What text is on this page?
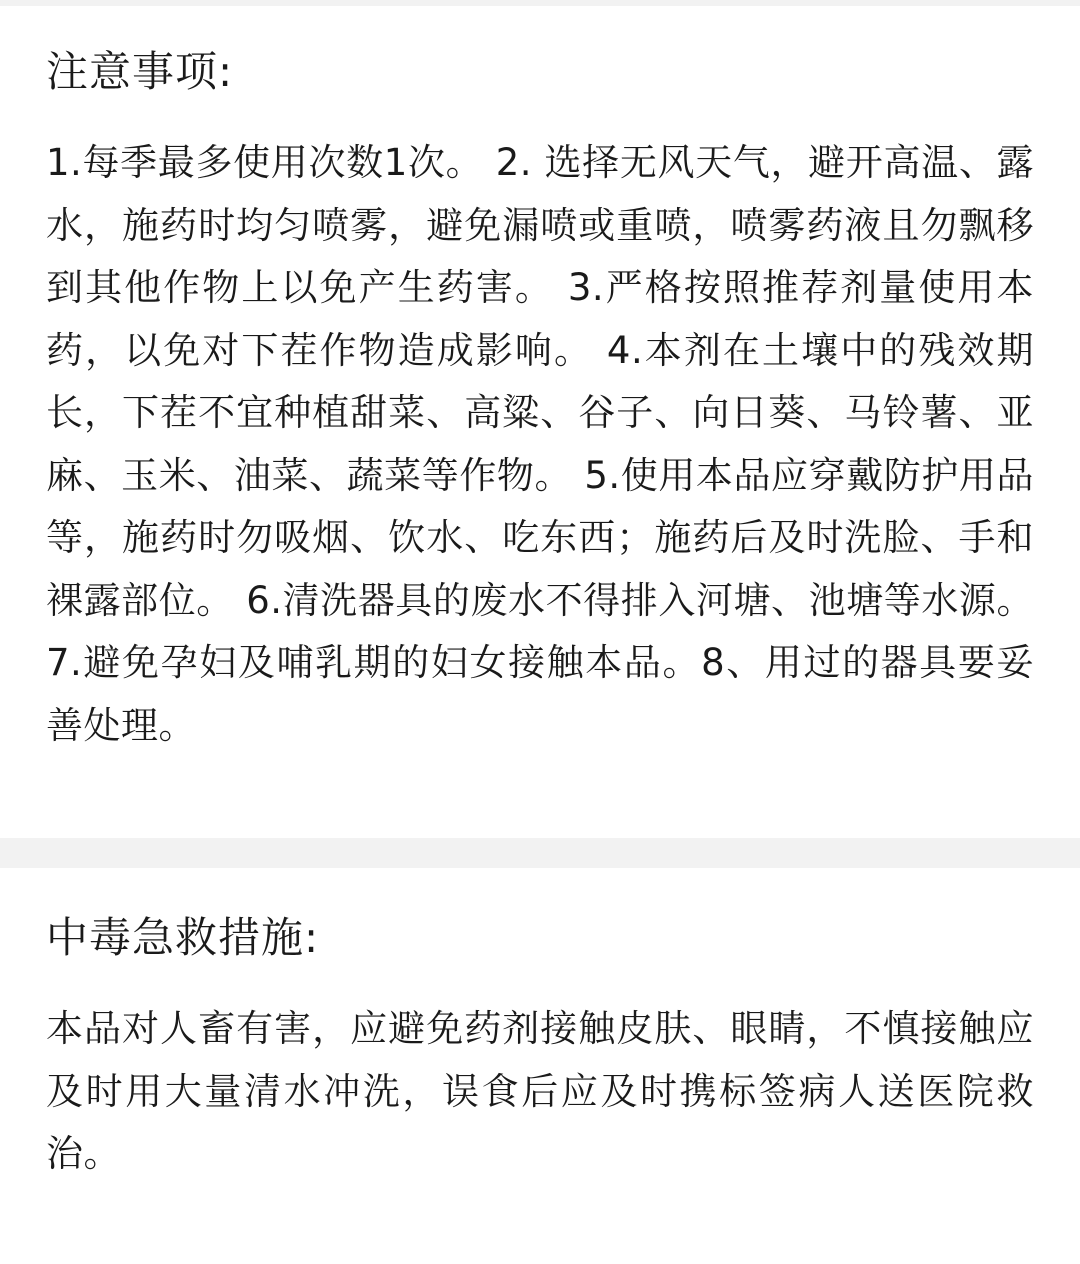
注意事项:

1.每季最多使用次数1次。 2. 选择无风天气，避开高温、露水，施药时均匀喷雾，避免漏喷或重喷，喷雾药液且勿飘移到其他作物上以免产生药害。 3.严格按照推荐剂量使用本药，以免对下茬作物造成影响。 4.本剂在土壤中的残效期长，下茬不宜种植甜菜、高粱、谷子、向日葵、马铃薯、亚麻、玉米、油菜、蔬菜等作物。 5.使用本品应穿戴防护用品等，施药时勿吸烟、饮水、吃东西；施药后及时洗脸、手和裸露部位。 6.清洗器具的废水不得排入河塘、池塘等水源。 7.避免孕妇及哺乳期的妇女接触本品。8、用过的器具要妥善处理。

中毒急救措施:

本品对人畜有害，应避免药剂接触皮肤、眼睛，不慎接触应及时用大量清水冲洗，误食后应及时携标签病人送医院救治。
